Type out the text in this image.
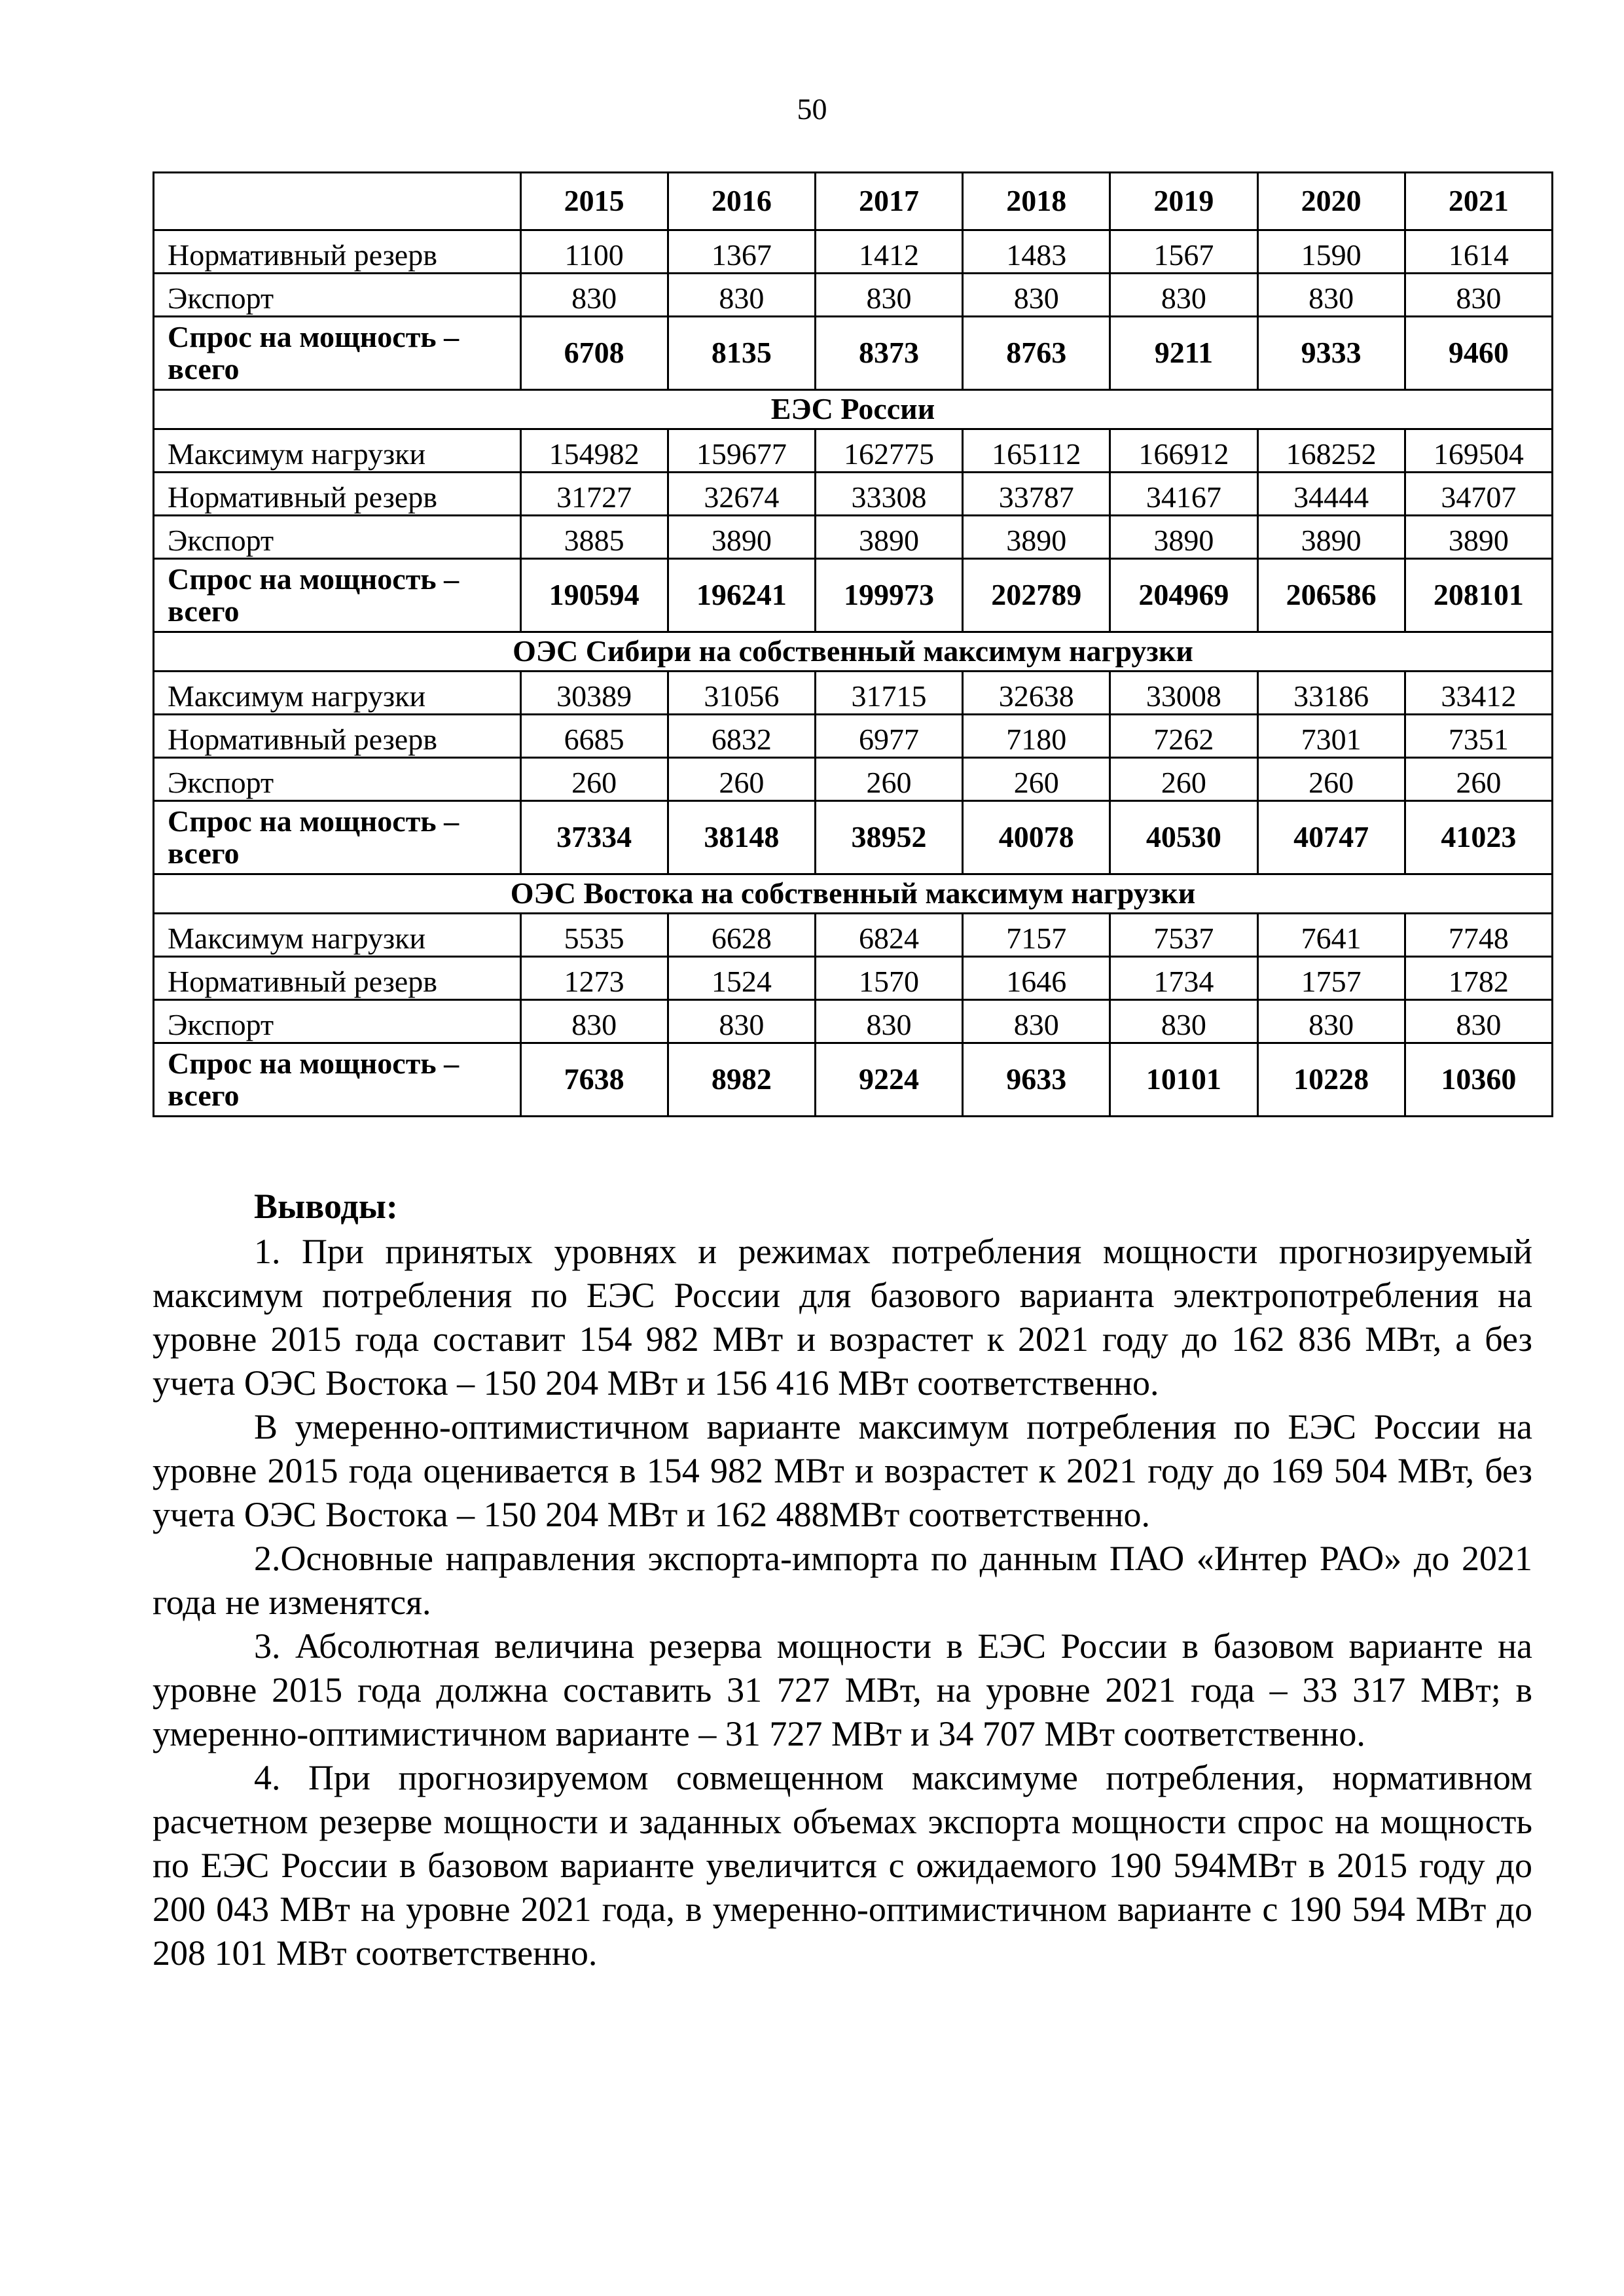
50
	2015	2016	2017	2018	2019	2020	2021
Нормативный резерв	1100	1367	1412	1483	1567	1590	1614
Экспорт	830	830	830	830	830	830	830
Спрос на мощность – всего	6708	8135	8373	8763	9211	9333	9460
ЕЭС России							
Максимум нагрузки	154982	159677	162775	165112	166912	168252	169504
Нормативный резерв	31727	32674	33308	33787	34167	34444	34707
Экспорт	3885	3890	3890	3890	3890	3890	3890
Спрос на мощность – всего	190594	196241	199973	202789	204969	206586	208101
ОЭС Сибири на собственный максимум нагрузки							
Максимум нагрузки	30389	31056	31715	32638	33008	33186	33412
Нормативный резерв	6685	6832	6977	7180	7262	7301	7351
Экспорт	260	260	260	260	260	260	260
Спрос на мощность – всего	37334	38148	38952	40078	40530	40747	41023
ОЭС Востока на собственный максимум нагрузки							
Максимум нагрузки	5535	6628	6824	7157	7537	7641	7748
Нормативный резерв	1273	1524	1570	1646	1734	1757	1782
Экспорт	830	830	830	830	830	830	830
Спрос на мощность – всего	7638	8982	9224	9633	10101	10228	10360
Выводы:

1. При принятых уровнях и режимах потребления мощности прогнозируемый максимум потребления по ЕЭС России для базового варианта электропотребления на уровне 2015 года составит 154 982 МВт и возрастет к 2021 году до 162 836 МВт, а без учета ОЭС Востока – 150 204 МВт и 156 416 МВт соответственно.

В умеренно-оптимистичном варианте максимум потребления по ЕЭС России на уровне 2015 года оценивается в 154 982 МВт и возрастет к 2021 году до 169 504 МВт, без учета ОЭС Востока – 150 204 МВт и 162 488МВт соответственно.

2.Основные направления экспорта-импорта по данным ПАО «Интер РАО» до 2021 года не изменятся.

3. Абсолютная величина резерва мощности в ЕЭС России в базовом варианте на уровне 2015 года должна составить 31 727 МВт, на уровне 2021 года – 33 317 МВт; в умеренно-оптимистичном варианте – 31 727 МВт и 34 707 МВт соответственно.

4. При прогнозируемом совмещенном максимуме потребления, нормативном расчетном резерве мощности и заданных объемах экспорта мощности спрос на мощность по ЕЭС России в базовом варианте увеличится с ожидаемого 190 594МВт в 2015 году до 200 043 МВт на уровне 2021 года, в умеренно-оптимистичном варианте с 190 594 МВт до 208 101 МВт соответственно.
